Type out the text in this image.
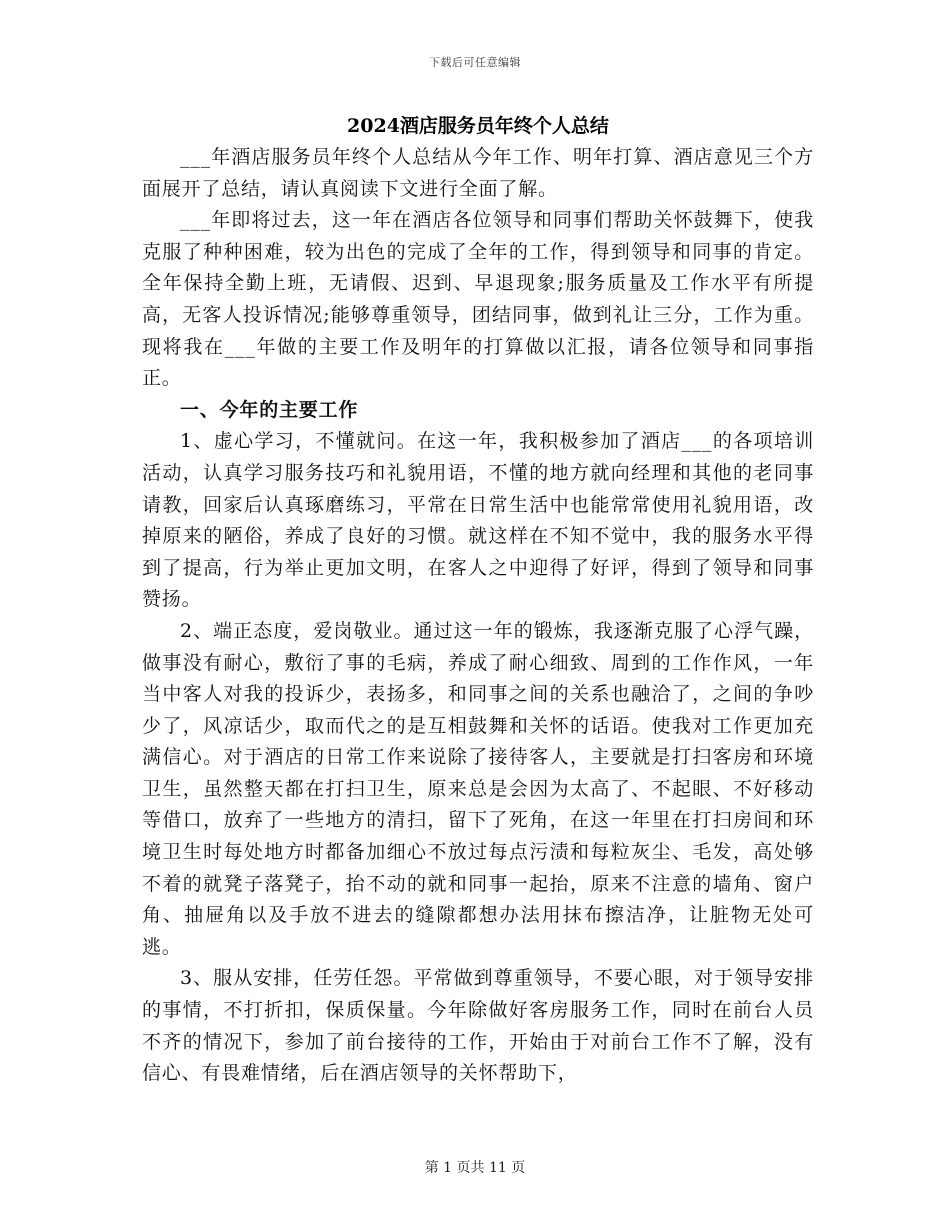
下载后可任意编辑
2024酒店服务员年终个人总结

___年酒店服务员年终个人总结从今年工作、明年打算、酒店意见三个方面展开了总结，请认真阅读下文进行全面了解。

___年即将过去，这一年在酒店各位领导和同事们帮助关怀鼓舞下，使我克服了种种困难，较为出色的完成了全年的工作，得到领导和同事的肯定。全年保持全勤上班，无请假、迟到、早退现象;服务质量及工作水平有所提高，无客人投诉情况;能够尊重领导，团结同事，做到礼让三分，工作为重。现将我在___年做的主要工作及明年的打算做以汇报，请各位领导和同事指正。

一、今年的主要工作

1、虚心学习，不懂就问。在这一年，我积极参加了酒店___的各项培训活动，认真学习服务技巧和礼貌用语，不懂的地方就向经理和其他的老同事请教，回家后认真琢磨练习，平常在日常生活中也能常常使用礼貌用语，改掉原来的陋俗，养成了良好的习惯。就这样在不知不觉中，我的服务水平得到了提高，行为举止更加文明，在客人之中迎得了好评，得到了领导和同事赞扬。

2、端正态度，爱岗敬业。通过这一年的锻炼，我逐渐克服了心浮气躁，做事没有耐心，敷衍了事的毛病，养成了耐心细致、周到的工作作风，一年当中客人对我的投诉少，表扬多，和同事之间的关系也融洽了，之间的争吵少了，风凉话少，取而代之的是互相鼓舞和关怀的话语。使我对工作更加充满信心。对于酒店的日常工作来说除了接待客人，主要就是打扫客房和环境卫生，虽然整天都在打扫卫生，原来总是会因为太高了、不起眼、不好移动等借口，放弃了一些地方的清扫，留下了死角，在这一年里在打扫房间和环境卫生时每处地方时都备加细心不放过每点污渍和每粒灰尘、毛发，高处够不着的就凳子落凳子，抬不动的就和同事一起抬，原来不注意的墙角、窗户角、抽屉角以及手放不进去的缝隙都想办法用抹布擦洁净，让脏物无处可逃。

3、服从安排，任劳任怨。平常做到尊重领导，不要心眼，对于领导安排的事情，不打折扣，保质保量。今年除做好客房服务工作，同时在前台人员不齐的情况下，参加了前台接待的工作，开始由于对前台工作不了解，没有信心、有畏难情绪，后在酒店领导的关怀帮助下，

第 1 页共 11 页
